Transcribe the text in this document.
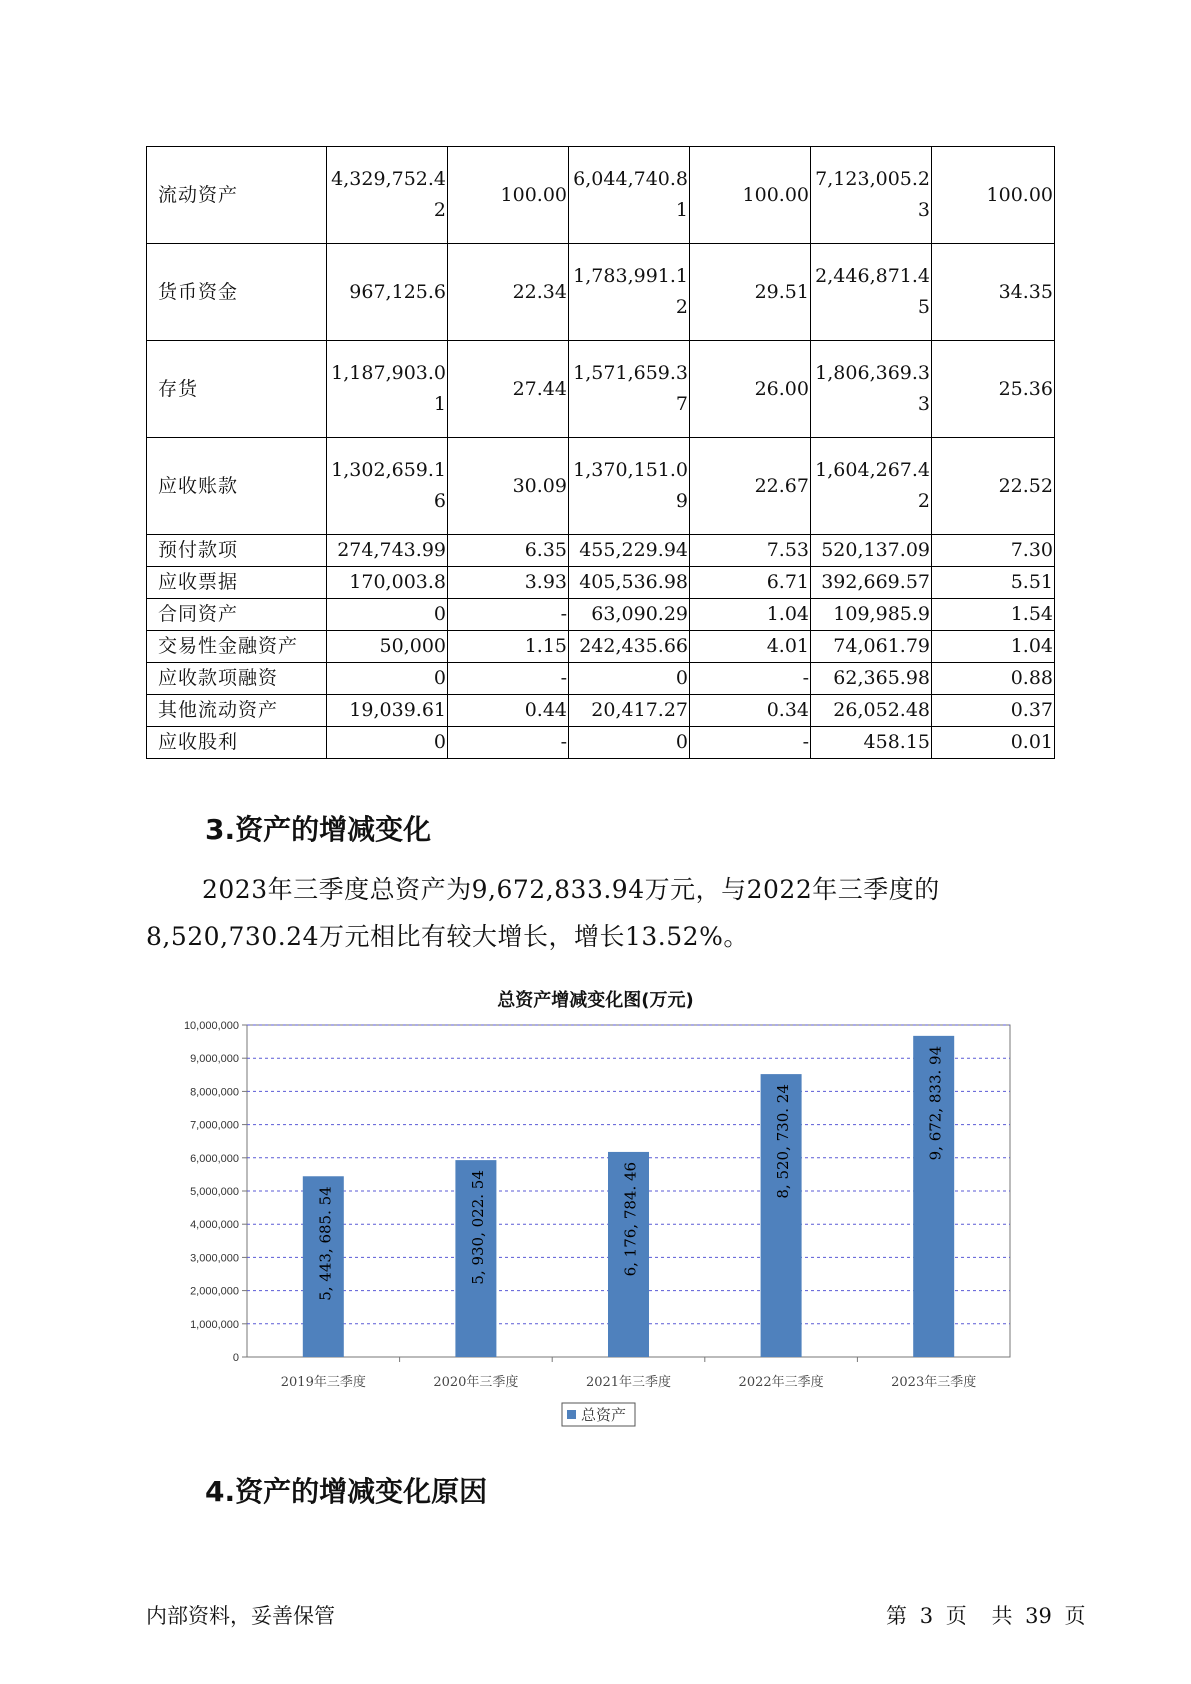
流动资产	4,329,752.42	100.00	6,044,740.81	100.00	7,123,005.23	100.00
货币资金	967,125.6	22.34	1,783,991.12	29.51	2,446,871.45	34.35
存货	1,187,903.01	27.44	1,571,659.37	26.00	1,806,369.33	25.36
应收账款	1,302,659.16	30.09	1,370,151.09	22.67	1,604,267.42	22.52
预付款项	274,743.99	6.35	455,229.94	7.53	520,137.09	7.30
应收票据	170,003.8	3.93	405,536.98	6.71	392,669.57	5.51
合同资产	0	-	63,090.29	1.04	109,985.9	1.54
交易性金融资产	50,000	1.15	242,435.66	4.01	74,061.79	1.04
应收款项融资	0	-	0	-	62,365.98	0.88
其他流动资产	19,039.61	0.44	20,417.27	0.34	26,052.48	0.37
应收股利	0	-	0	-	458.15	0.01
3.资产的增减变化

2023年三季度总资产为9,672,833.94万元，与2022年三季度的8,520,730.24万元相比有较大增长，增长13.52%。

总资产增减变化图(万元)
0
1,000,000
2,000,000
3,000,000
4,000,000
5,000,000
6,000,000
7,000,000
8,000,000
9,000,000
10,000,000
2019年三季度
5, 443, 685. 54
2020年三季度
5, 930, 022. 54
2021年三季度
6, 176, 784. 46
2022年三季度
8, 520, 730. 24
2023年三季度
9, 672, 833. 94
总资产
4.资产的增减变化原因
内部资料，妥善保管	第 3 页 共 39 页
